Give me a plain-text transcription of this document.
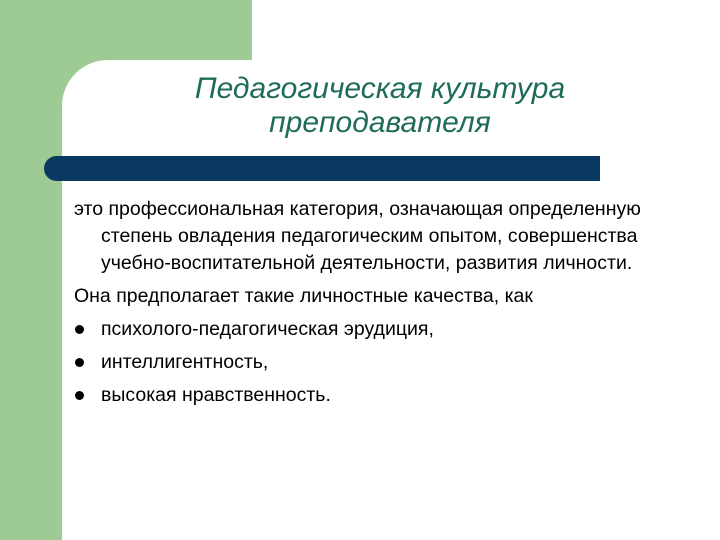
Педагогическая культура
преподавателя

это профессиональная категория, означающая определенную степень овладения педагогическим опытом, совершенства учебно-воспитательной деятельности, развития личности.

Она предполагает такие личностные качества, как

психолого-педагогическая эрудиция,
интеллигентность,
высокая нравственность.
